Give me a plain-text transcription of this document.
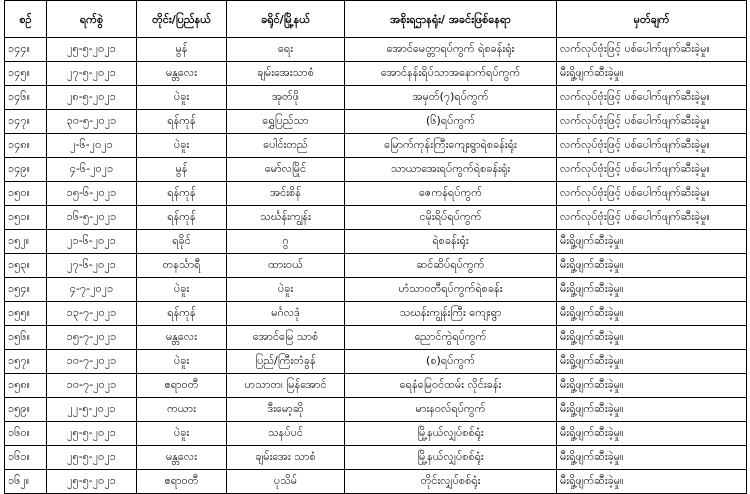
စဉ်	ရက်စွဲ	တိုင်း/ပြည်နယ်	ခရိုင်/မြို့နယ်	အစိုးရဌာနရုံး/ အခင်းဖြစ်နေရာ	မှတ်ချက်
၁၄၄။	၂၅-၅-၂၀၂၁	မွန်	ရေး	အောင်မေတ္တာရပ်ကွက် ရဲစခန်းရုံး	လက်လုပ်ဗုံးဖြင့် ပစ်ပေါက်ဖျက်ဆီးခဲ့မှု။
၁၄၅။	၂၇-၅-၂၀၂၁	မန္တလေး	ချမ်းအေးသာစံ	အောင်နန်းရိပ်သာအနောက်ရပ်ကွက်	မီးရှို့ဖျက်ဆီးခဲ့မှု။
၁၄၆။	၂၈-၅-၂၀၂၁	ပဲခူး	အုတ်ဖို	အမှတ်(၇)ရပ်ကွက်	လက်လုပ်ဗုံးဖြင့် ပစ်ပေါက်ဖျက်ဆီးခဲ့မှု။
၁၄၇။	၃၀-၅-၂၀၂၁	ရန်ကုန်	ရွှေပြည်သာ	(၆)ရပ်ကွက်	လက်လုပ်ဗုံးဖြင့် ပစ်ပေါက်ဖျက်ဆီးခဲ့မှု။
၁၄၈။	၂-၆-၂၀၂၁	ပဲခူး	ပေါင်းတည်	မြောက်ကုန်းကြီးကျေးရွာရဲစခန်းရုံး	လက်လုပ်ဗုံးဖြင့် ပစ်ပေါက်ဖျက်ဆီးခဲ့မှု။
၁၄၉။	၄-၆-၂၀၂၁	မွန်	မော်လမြိုင်	သာယာအေးရပ်ကွက်ရဲစခန်းရုံး	လက်လုပ်ဗုံးဖြင့် ပစ်ပေါက်ဖျက်ဆီးခဲ့မှု။
၁၅၀။	၁၅-၆-၂၀၂၁	ရန်ကုန်	အင်းစိန်	ဇေကန်ရပ်ကွက်	လက်လုပ်ဗုံးဖြင့် ပစ်ပေါက်ဖျက်ဆီးခဲ့မှု။
၁၅၁။	၁၆-၅-၂၀၂၁	ရန်ကုန်	သင်္ဃန်းကျွန်း	ငမိုးရိပ်ရပ်ကွက်	လက်လုပ်ဗုံးဖြင့် ပစ်ပေါက်ဖျက်ဆီးခဲ့မှု။
၁၅၂။	၂၁-၆-၂၀၂၁	ရခိုင်	ဂွ	ရဲစခန်းရုံး	မီးရှို့ဖျက်ဆီးခဲ့မှု။
၁၅၃။	၂၇-၆-၂၀၂၁	တနင်္သာရီ	ထားဝယ်	ဆင်ဆိပ်ရပ်ကွက်	မီးရှို့ဖျက်ဆီးခဲ့မှု။
၁၅၄။	၄-၇-၂၀၂၁	ပဲခူး	ပဲခူး	ဟံသာဝတီရပ်ကွက်ရဲစခန်း	မီးရှို့ဖျက်ဆီးခဲ့မှု။
၁၅၅။	၁၃-၇-၂၀၂၁	ရန်ကုန်	မင်္ဂလဒုံ	သဃန်းကျွန်းကြီး ကျေးရွာ	မီးရှို့ဖျက်ဆီးခဲ့မှု။
၁၅၆။	၁၅-၇-၂၀၂၁	မန္တလေး	အောင်မြေ သာစံ	ညောင်ကွဲရပ်ကွက်	မီးရှို့ဖျက်ဆီးခဲ့မှု။
၁၅၇။	၁၀-၇-၂၀၂၁	ပဲခူး	ပြည်/ကြီးတံခွန်	(စ)ရပ်ကွက်	မီးရှို့ဖျက်ဆီးခဲ့မှု။
၁၅၈။	၁၀-၇-၂၀၂၁	ဧရာဝတီ	ဟသာတ၊ မြန်အောင်	ရေနံမြေဝင်ထမ်း လိုင်းခန်း	မီးရှို့ဖျက်ဆီးခဲ့မှု။
၁၅၉။	၂၂-၅-၂၀၂၁	ကယား	ဒီးမော့ဆို	မားနဝလ်ရပ်ကွက်	မီးရှို့ဖျက်ဆီးခဲ့မှု။
၁၆၀။	၂၅-၅-၂၀၂၁	ပဲခူး	သနပ်ပင်	မြို့နယ်လျှပ်စစ်ရုံး	မီးရှို့ဖျက်ဆီးခဲ့မှု။
၁၆၁။	၂၅-၅-၂၀၂၁	မန္တလေး	ချမ်းအေး သာစံ	မြို့နယ်လျှပ်စစ်ရုံး	မီးရှို့ဖျက်ဆီးခဲ့မှု။
၁၆၂။	၂၅-၅-၂၀၂၁	ဧရာဝတီ	ပုသိမ်	တိုင်းလျှပ်စစ်ရုံး	မီးရှို့ဖျက်ဆီးခဲ့မှု။
